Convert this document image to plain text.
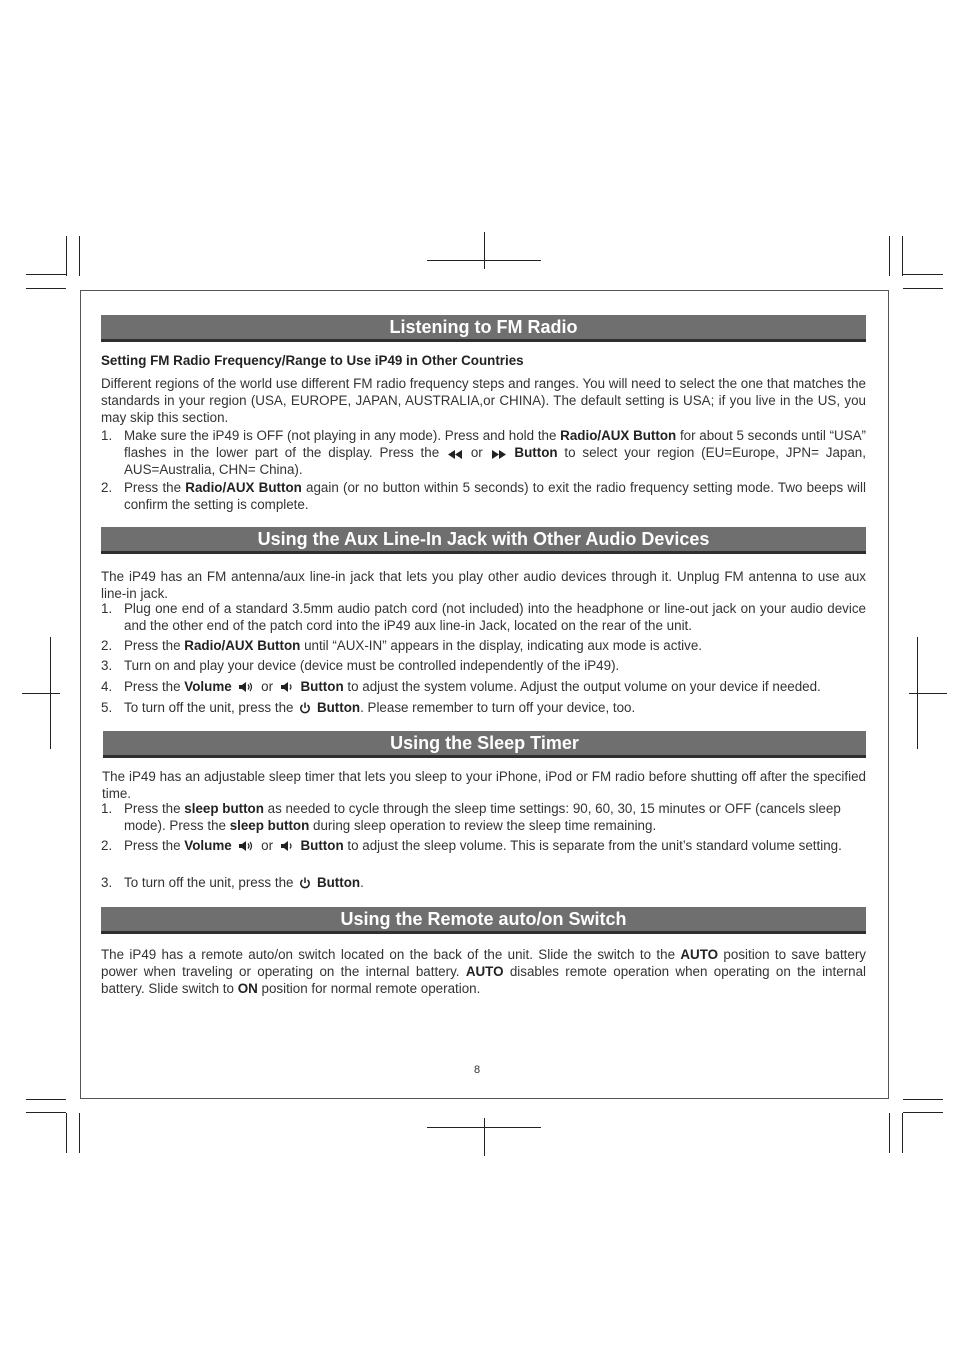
Listening to FM Radio
Setting FM Radio Frequency/Range to Use iP49 in Other Countries

Different regions of the world use different FM radio frequency steps and ranges. You will need to select the one that matches the standards in your region (USA, EUROPE, JAPAN, AUSTRALIA,or CHINA). The default setting is USA; if you live in the US, you may skip this section.

1. Make sure the iP49 is OFF (not playing in any mode). Press and hold the Radio/AUX Button for about 5 seconds until “USA” flashes in the lower part of the display. Press the  or  Button to select your region (EU=Europe, JPN= Japan, AUS=Australia, CHN= China).
2. Press the Radio/AUX Button again (or no button within 5 seconds) to exit the radio frequency setting mode. Two beeps will confirm the setting is complete.
Using the Aux Line-In Jack with Other Audio Devices

The iP49 has an FM antenna/aux line-in jack that lets you play other audio devices through it. Unplug FM antenna to use aux line-in jack.

1. Plug one end of a standard 3.5mm audio patch cord (not included) into the headphone or line-out jack on your audio device and the other end of the patch cord into the iP49 aux line-in Jack, located on the rear of the unit.
2. Press the Radio/AUX Button until “AUX-IN” appears in the display, indicating aux mode is active.
3. Turn on and play your device (device must be controlled independently of the iP49).
4. Press the Volume  or  Button to adjust the system volume. Adjust the output volume on your device if needed.
5. To turn off the unit, press the  Button. Please remember to turn off your device, too.
Using the Sleep Timer

The iP49 has an adjustable sleep timer that lets you sleep to your iPhone, iPod or FM radio before shutting off after the specified time.

1. Press the sleep button as needed to cycle through the sleep time settings: 90, 60, 30, 15 minutes or OFF (cancels sleep mode). Press the sleep button during sleep operation to review the sleep time remaining.
2. Press the Volume  or  Button to adjust the sleep volume. This is separate from the unit’s standard volume setting.
3. To turn off the unit, press the  Button.
Using the Remote auto/on Switch

The iP49 has a remote auto/on switch located on the back of the unit. Slide the switch to the AUTO position to save battery power when traveling or operating on the internal battery. AUTO disables remote operation when operating on the internal battery. Slide switch to ON position for normal remote operation.

8
